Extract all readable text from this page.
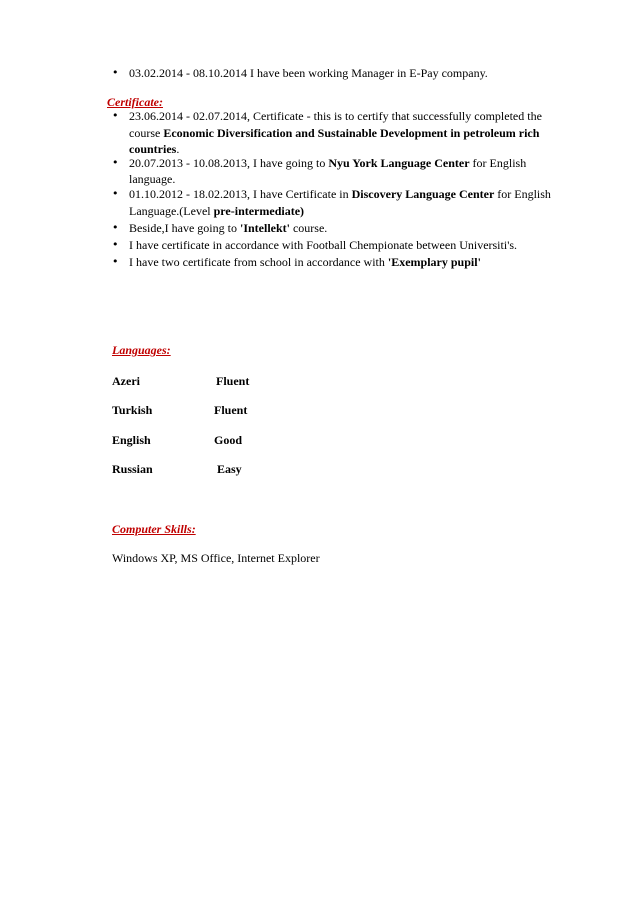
• 03.02.2014 - 08.10.2014 I have been working Manager in E-Pay company.
Certificate:
• 23.06.2014 - 02.07.2014, Certificate - this is to certify that successfully completed the
course Economic Diversification and Sustainable Development in petroleum rich
countries.
• 20.07.2013 - 10.08.2013, I have going to Nyu York Language Center for English
language.
• 01.10.2012 - 18.02.2013, I have Certificate in Discovery Language Center for English
Language.(Level pre-intermediate)
• Beside,I have going to 'Intellekt' course.
• I have certificate in accordance with Football Chempionate between Universiti's.
• I have two certificate from school in accordance with 'Exemplary pupil'
Languages:
Azeri	Fluent
Turkish	Fluent
English	Good
Russian	Easy
Computer Skills:
Windows XP, MS Office, Internet Explorer
